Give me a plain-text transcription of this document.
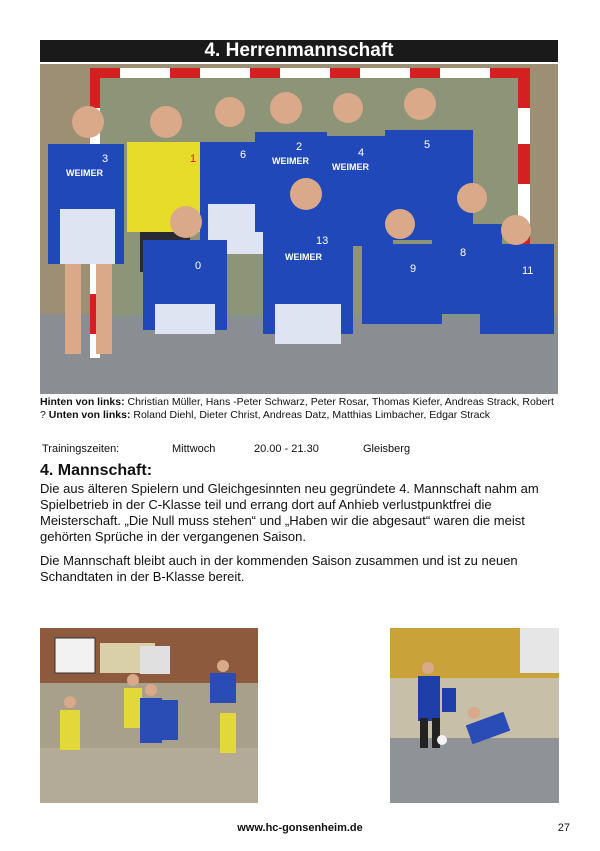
4. Herrenmannschaft
3	1	6
2	4
5
0
13
9
8
11
WEIMER
WEIMER
WEIMER
WEIMER
Hinten von links: Christian Müller, Hans -Peter Schwarz, Peter Rosar, Thomas Kiefer, Andreas Strack, Robert ? Unten von links: Roland Diehl, Dieter Christ, Andreas Datz, Matthias Limbacher, Edgar Strack
Trainingszeiten:	Mittwoch	20.00 - 21.30	Gleisberg
4. Mannschaft:
Die aus älteren Spielern und Gleichgesinnten neu gegründete 4. Mannschaft nahm am Spielbetrieb in der C-Klasse teil und errang dort auf Anhieb verlustpunktfrei die Meisterschaft. „Die Null muss stehen“ und „Haben wir die abgesaut“ waren die meist gehörten Sprüche in der vergangenen Saison.
Die Mannschaft bleibt auch in der kommenden Saison zusammen und ist zu neuen Schandtaten in der B-Klasse bereit.
www.hc-gonsenheim.de	27
